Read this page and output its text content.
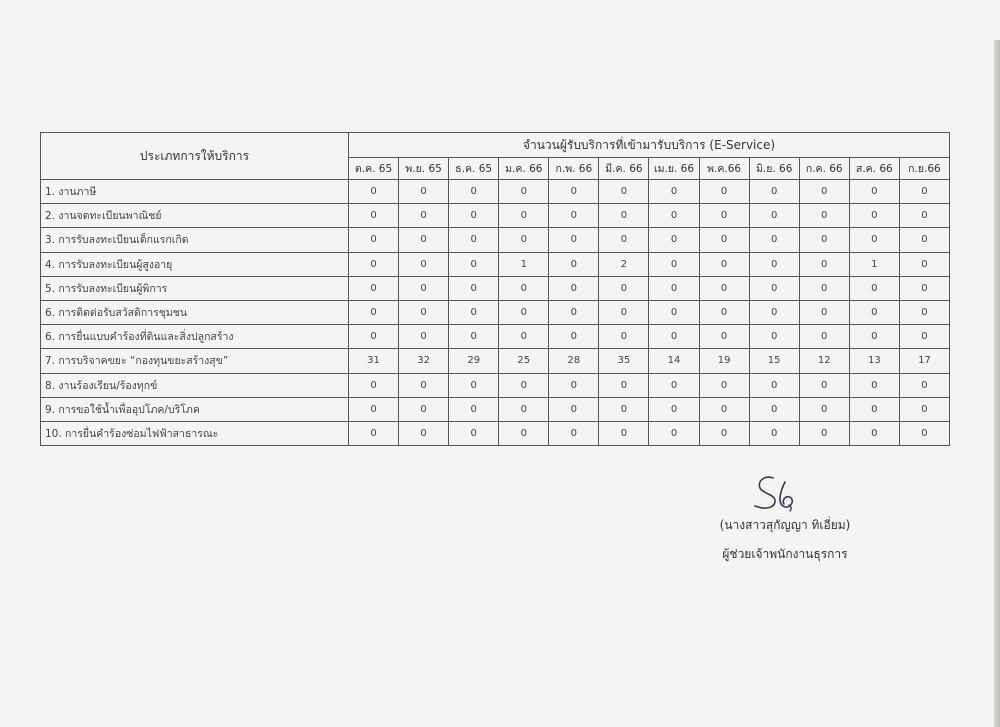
ประเภทการให้บริการ	จำนวนผู้รับบริการที่เข้ามารับบริการ (E-Service)											
	ต.ค. 65	พ.ย. 65	ธ.ค. 65	ม.ค. 66	ก.พ. 66	มี.ค. 66	เม.ย. 66	พ.ค.66	มิ.ย. 66	ก.ค. 66	ส.ค. 66	ก.ย.66
1. งานภาษี	0	0	0	0	0	0	0	0	0	0	0	0
2. งานจดทะเบียนพาณิชย์	0	0	0	0	0	0	0	0	0	0	0	0
3. การรับลงทะเบียนเด็กแรกเกิด	0	0	0	0	0	0	0	0	0	0	0	0
4. การรับลงทะเบียนผู้สูงอายุ	0	0	0	1	0	2	0	0	0	0	1	0
5. การรับลงทะเบียนผู้พิการ	0	0	0	0	0	0	0	0	0	0	0	0
6. การติดต่อรับสวัสดิการชุมชน	0	0	0	0	0	0	0	0	0	0	0	0
6. การยื่นแบบคำร้องที่ดินและสิ่งปลูกสร้าง	0	0	0	0	0	0	0	0	0	0	0	0
7. การบริจาคขยะ “กองทุนขยะสร้างสุข”	31	32	29	25	28	35	14	19	15	12	13	17
8. งานร้องเรียน/ร้องทุกข์	0	0	0	0	0	0	0	0	0	0	0	0
9. การขอใช้น้ำเพื่ออุปโภค/บริโภค	0	0	0	0	0	0	0	0	0	0	0	0
10. การยื่นคำร้องซ่อมไฟฟ้าสาธารณะ	0	0	0	0	0	0	0	0	0	0	0	0
(นางสาวสุกัญญา ทิเอี่ยม)
ผู้ช่วยเจ้าพนักงานธุรการ
